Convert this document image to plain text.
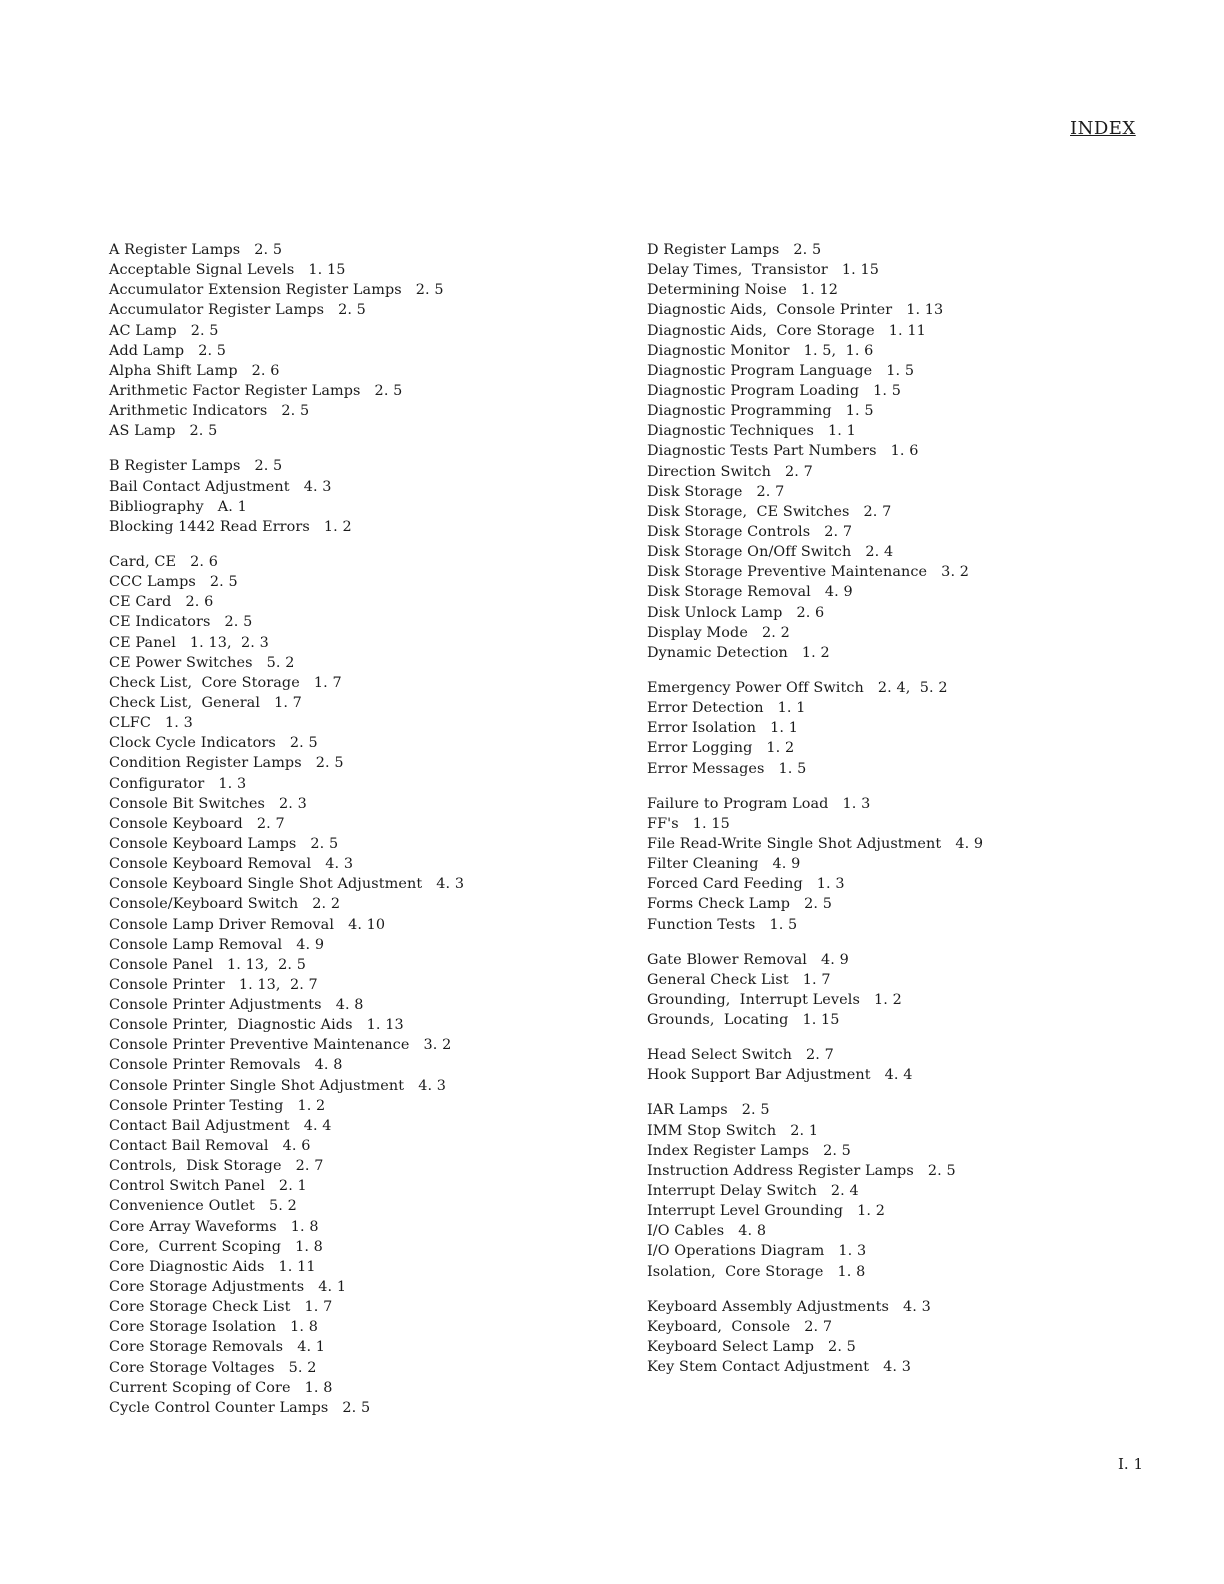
INDEX
A Register Lamps   2. 5
Acceptable Signal Levels   1. 15
Accumulator Extension Register Lamps   2. 5
Accumulator Register Lamps   2. 5
AC Lamp   2. 5
Add Lamp   2. 5
Alpha Shift Lamp   2. 6
Arithmetic Factor Register Lamps   2. 5
Arithmetic Indicators   2. 5
AS Lamp   2. 5
B Register Lamps   2. 5
Bail Contact Adjustment   4. 3
Bibliography   A. 1
Blocking 1442 Read Errors   1. 2
Card, CE   2. 6
CCC Lamps   2. 5
CE Card   2. 6
CE Indicators   2. 5
CE Panel   1. 13,  2. 3
CE Power Switches   5. 2
Check List,  Core Storage   1. 7
Check List,  General   1. 7
CLFC   1. 3
Clock Cycle Indicators   2. 5
Condition Register Lamps   2. 5
Configurator   1. 3
Console Bit Switches   2. 3
Console Keyboard   2. 7
Console Keyboard Lamps   2. 5
Console Keyboard Removal   4. 3
Console Keyboard Single Shot Adjustment   4. 3
Console/Keyboard Switch   2. 2
Console Lamp Driver Removal   4. 10
Console Lamp Removal   4. 9
Console Panel   1. 13,  2. 5
Console Printer   1. 13,  2. 7
Console Printer Adjustments   4. 8
Console Printer,  Diagnostic Aids   1. 13
Console Printer Preventive Maintenance   3. 2
Console Printer Removals   4. 8
Console Printer Single Shot Adjustment   4. 3
Console Printer Testing   1. 2
Contact Bail Adjustment   4. 4
Contact Bail Removal   4. 6
Controls,  Disk Storage   2. 7
Control Switch Panel   2. 1
Convenience Outlet   5. 2
Core Array Waveforms   1. 8
Core,  Current Scoping   1. 8
Core Diagnostic Aids   1. 11
Core Storage Adjustments   4. 1
Core Storage Check List   1. 7
Core Storage Isolation   1. 8
Core Storage Removals   4. 1
Core Storage Voltages   5. 2
Current Scoping of Core   1. 8
Cycle Control Counter Lamps   2. 5
D Register Lamps   2. 5
Delay Times,  Transistor   1. 15
Determining Noise   1. 12
Diagnostic Aids,  Console Printer   1. 13
Diagnostic Aids,  Core Storage   1. 11
Diagnostic Monitor   1. 5,  1. 6
Diagnostic Program Language   1. 5
Diagnostic Program Loading   1. 5
Diagnostic Programming   1. 5
Diagnostic Techniques   1. 1
Diagnostic Tests Part Numbers   1. 6
Direction Switch   2. 7
Disk Storage   2. 7
Disk Storage,  CE Switches   2. 7
Disk Storage Controls   2. 7
Disk Storage On/Off Switch   2. 4
Disk Storage Preventive Maintenance   3. 2
Disk Storage Removal   4. 9
Disk Unlock Lamp   2. 6
Display Mode   2. 2
Dynamic Detection   1. 2
Emergency Power Off Switch   2. 4,  5. 2
Error Detection   1. 1
Error Isolation   1. 1
Error Logging   1. 2
Error Messages   1. 5
Failure to Program Load   1. 3
FF's   1. 15
File Read-Write Single Shot Adjustment   4. 9
Filter Cleaning   4. 9
Forced Card Feeding   1. 3
Forms Check Lamp   2. 5
Function Tests   1. 5
Gate Blower Removal   4. 9
General Check List   1. 7
Grounding,  Interrupt Levels   1. 2
Grounds,  Locating   1. 15
Head Select Switch   2. 7
Hook Support Bar Adjustment   4. 4
IAR Lamps   2. 5
IMM Stop Switch   2. 1
Index Register Lamps   2. 5
Instruction Address Register Lamps   2. 5
Interrupt Delay Switch   2. 4
Interrupt Level Grounding   1. 2
I/O Cables   4. 8
I/O Operations Diagram   1. 3
Isolation,  Core Storage   1. 8
Keyboard Assembly Adjustments   4. 3
Keyboard,  Console   2. 7
Keyboard Select Lamp   2. 5
Key Stem Contact Adjustment   4. 3
I. 1
